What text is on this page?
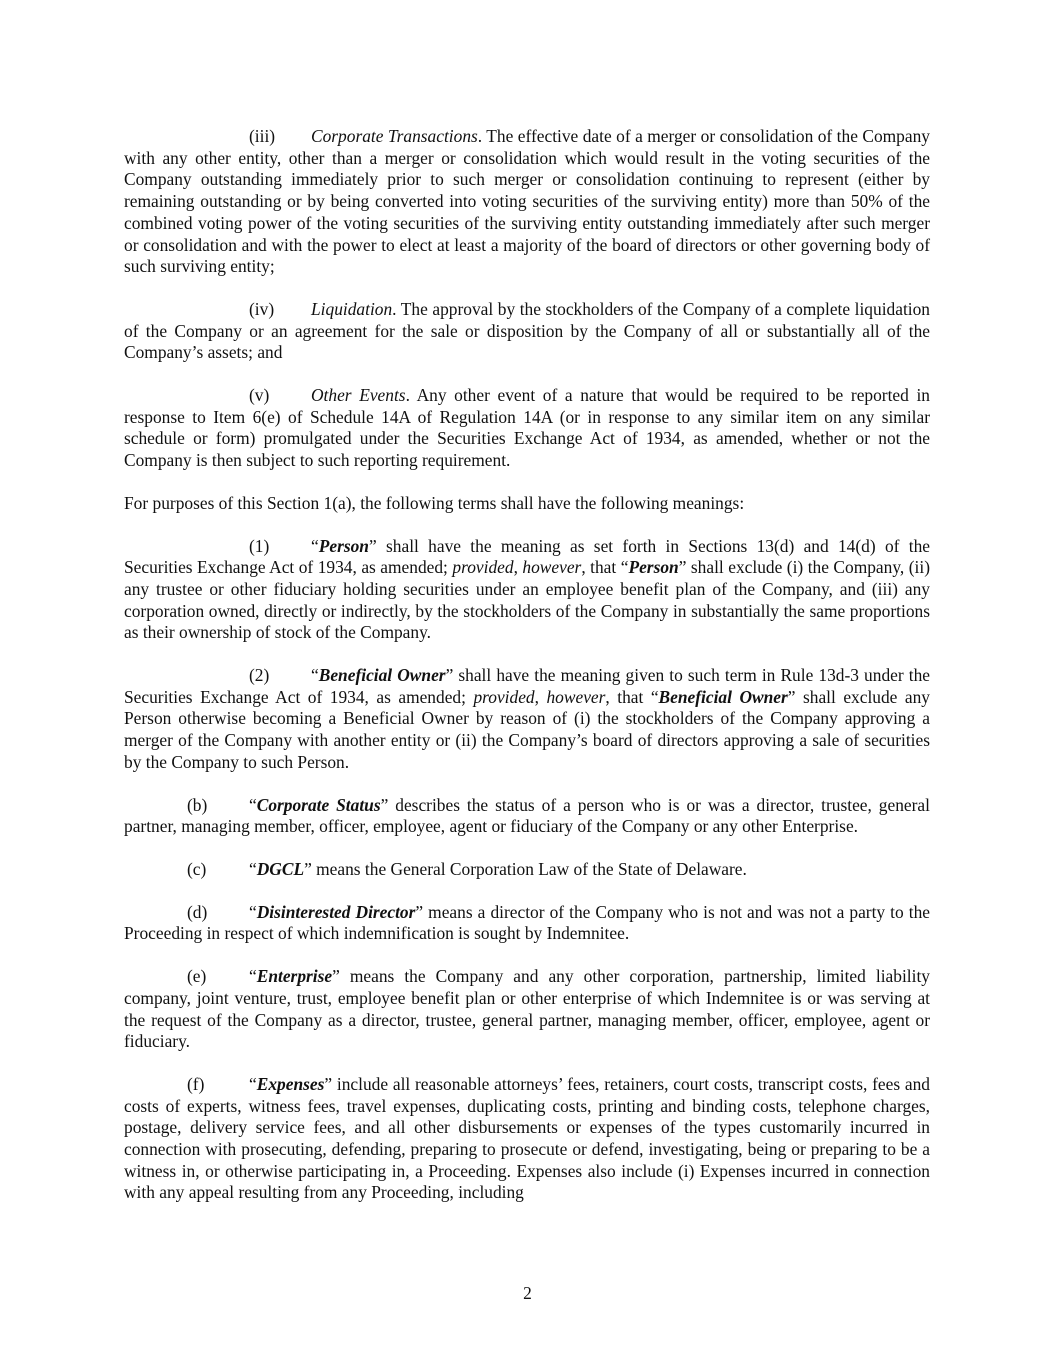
(iii) Corporate Transactions. The effective date of a merger or consolidation of the Company with any other entity, other than a merger or consolidation which would result in the voting securities of the Company outstanding immediately prior to such merger or consolidation continuing to represent (either by remaining outstanding or by being converted into voting securities of the surviving entity) more than 50% of the combined voting power of the voting securities of the surviving entity outstanding immediately after such merger or consolidation and with the power to elect at least a majority of the board of directors or other governing body of such surviving entity;

(iv) Liquidation. The approval by the stockholders of the Company of a complete liquidation of the Company or an agreement for the sale or disposition by the Company of all or substantially all of the Company’s assets; and

(v) Other Events. Any other event of a nature that would be required to be reported in response to Item 6(e) of Schedule 14A of Regulation 14A (or in response to any similar item on any similar schedule or form) promulgated under the Securities Exchange Act of 1934, as amended, whether or not the Company is then subject to such reporting requirement.

For purposes of this Section 1(a), the following terms shall have the following meanings:

(1) “Person” shall have the meaning as set forth in Sections 13(d) and 14(d) of the Securities Exchange Act of 1934, as amended; provided, however, that “Person” shall exclude (i) the Company, (ii) any trustee or other fiduciary holding securities under an employee benefit plan of the Company, and (iii) any corporation owned, directly or indirectly, by the stockholders of the Company in substantially the same proportions as their ownership of stock of the Company.

(2) “Beneficial Owner” shall have the meaning given to such term in Rule 13d-3 under the Securities Exchange Act of 1934, as amended; provided, however, that “Beneficial Owner” shall exclude any Person otherwise becoming a Beneficial Owner by reason of (i) the stockholders of the Company approving a merger of the Company with another entity or (ii) the Company’s board of directors approving a sale of securities by the Company to such Person.

(b) “Corporate Status” describes the status of a person who is or was a director, trustee, general partner, managing member, officer, employee, agent or fiduciary of the Company or any other Enterprise.

(c) “DGCL” means the General Corporation Law of the State of Delaware.

(d) “Disinterested Director” means a director of the Company who is not and was not a party to the Proceeding in respect of which indemnification is sought by Indemnitee.

(e) “Enterprise” means the Company and any other corporation, partnership, limited liability company, joint venture, trust, employee benefit plan or other enterprise of which Indemnitee is or was serving at the request of the Company as a director, trustee, general partner, managing member, officer, employee, agent or fiduciary.

(f)	“Expenses” include all reasonable attorneys’ fees, retainers, court costs, transcript costs, fees and costs of experts, witness fees, travel expenses, duplicating costs, printing and binding costs, telephone charges, postage, delivery service fees, and all other disbursements or expenses of the types customarily incurred in connection with prosecuting, defending, preparing to prosecute or defend, investigating, being or preparing to be a witness in, or otherwise participating in, a Proceeding. Expenses also include (i) Expenses incurred in connection with any appeal resulting from any Proceeding, including

2
